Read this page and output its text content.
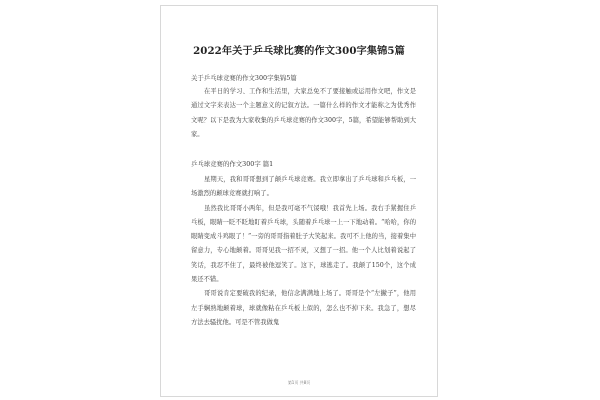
2022年关于乒乓球比赛的作文300字集锦5篇

关于乒乓球竞赛的作文300字集锦5篇

在平日的学习、工作和生活里，大家总免不了要接触或运用作文吧，作文是通过文字来表达一个主题意义的记叙方法。一篇什么样的作文才能称之为优秀作文呢？以下是我为大家收集的乒乓球竞赛的作文300字，5篇，希望能够帮助到大家。

乒乓球竞赛的作文300字 篇1

星期天，我和哥哥想到了颠乒乓球竞赛。我立即拿出了乒乓球和乒乓板，一场激烈的颠球竞赛就打响了。

虽然我比哥哥小两年，但是我可毫不气馁哦！我首先上场。我右手紧握住乒乓板，眼睛一眨不眨地盯着乒乓球，头随着乒乓球一上一下地动着。“哈哈，你的眼睛变成斗鸡眼了！”一旁的哥哥指着肚子大笑起来。我可不上他的当，接着集中留意力，专心地颠着。哥哥见我一招不灵，又想了一招。他一个人比划着说起了笑话，我忍不住了，最终被他逗笑了。这下，球逃走了。我颠了150个，这个成果还不错。

哥哥说肯定要破我的纪录，他信念满满地上场了。哥哥是个“左撇子”，他用左手娴熟地颠着球，球就像粘在乒乓板上似的，怎么也不掉下来。我急了，想尽方法去骚扰他。可是不管我做鬼

第1页 共8页
